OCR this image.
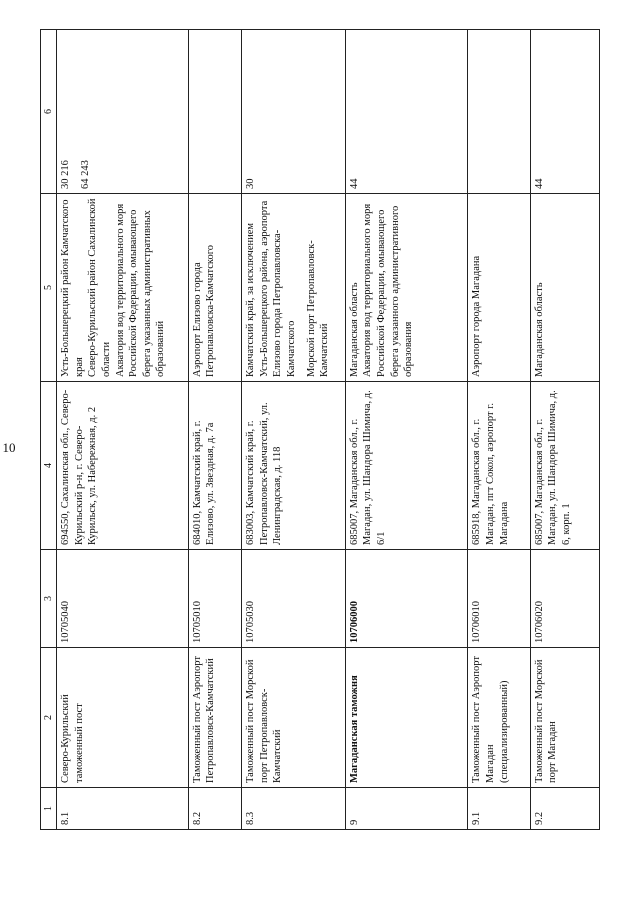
10
1	2	3	4	5	6
8.1	Северо-Курильский таможенный пост	10705040	694550, Сахалинская обл., Северо-Курильский р-н, г. Северо-Курильск, ул. Набережная, д. 2	Усть-Большерецкий район Камчатского края Северо-Курильский район Сахалинской области Акватория вод территориального моря Российской Федерации, омывающего берега указанных административных образований	30 216 64 243

8.2	Таможенный пост Аэропорт Петропавловск-Камчатский	10705010	684010, Камчатский край, г. Елизово, ул. Звездная, д. 7а	Аэропорт Елизово города Петропавловска-Камчатского	

8.3	Таможенный пост Морской порт Петропавловск-Камчатский	10705030	683003, Камчатский край, г. Петропавловск-Камчатский, ул. Ленинградская, д. 118	Камчатский край, за исключением Усть-Большерецкого района, аэропорта Елизово города Петропавловска-Камчатского Морской порт Петропавловск-Камчатский	30

9	Магаданская таможня	10706000	685007, Магаданская обл., г. Магадан, ул. Шандора Шимича, д. 6/1	Магаданская область Акватория вод территориального моря Российской Федерации, омывающего берега указанного административного образования	44

9.1	Таможенный пост Аэропорт Магадан (специализированный)	10706010	685918, Магаданская обл., г. Магадан, пгт Сокол, аэропорт г. Магадана	Аэропорт города Магадана	

9.2	Таможенный пост Морской порт Магадан	10706020	685007, Магаданская обл., г. Магадан, ул. Шандора Шимича, д. 6, корп. 1	Магаданская область	44
